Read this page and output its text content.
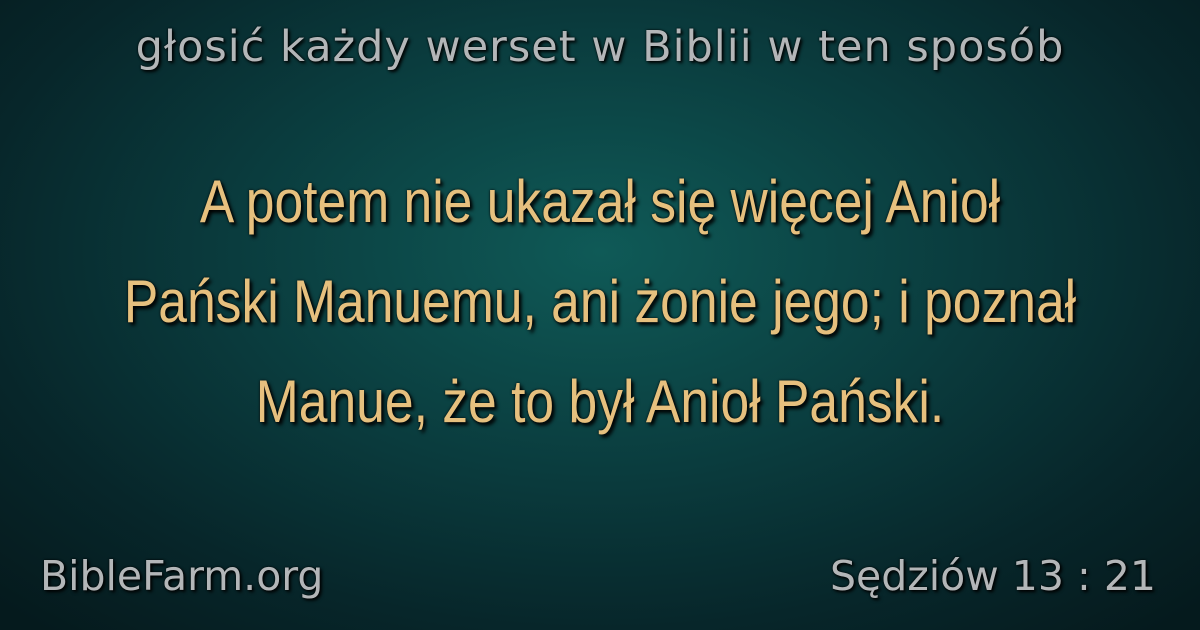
głosić każdy werset w Biblii w ten sposób
A potem nie ukazał się więcej Anioł Pański Manuemu, ani żonie jego; i poznał Manue, że to był Anioł Pański.
BibleFarm.org	Sędziów 13 : 21
